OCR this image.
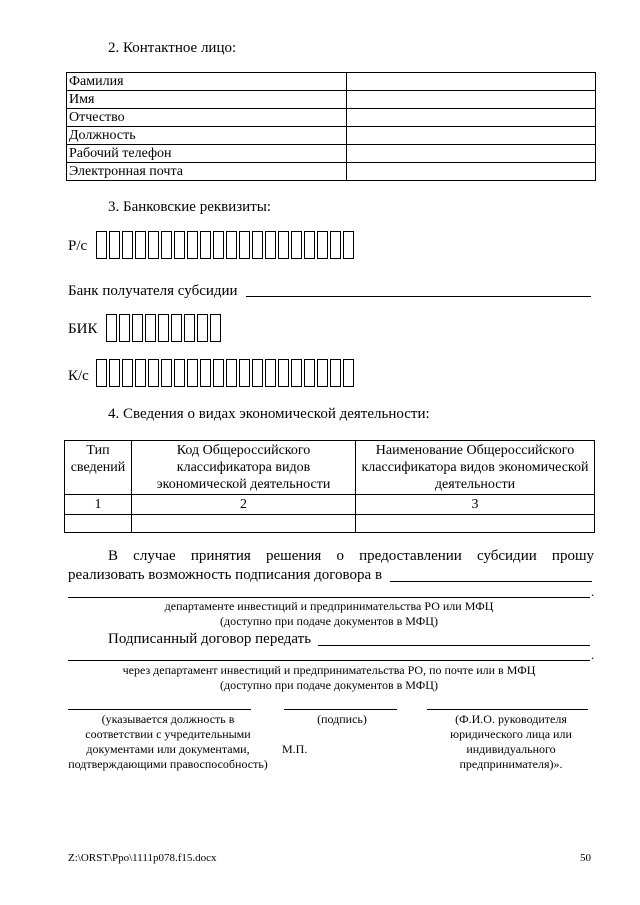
2. Контактное лицо:
Фамилия	
Имя	
Отчество	
Должность	
Рабочий телефон	
Электронная почта	
3. Банковские реквизиты:
Р/с
Банк получателя субсидии
БИК
К/с
4. Сведения о видах экономической деятельности:
Тип сведений	Код Общероссийского классификатора видов экономической деятельности	Наименование Общероссийского классификатора видов экономической деятельности
1	2	3

В случае принятия решения о предоставлении субсидии прошу
реализовать возможность подписания договора в
.
департаменте инвестиций и предпринимательства РО или МФЦ
(доступно при подаче документов в МФЦ)
Подписанный договор передать
.
через департамент инвестиций и предпринимательства РО, по почте или в МФЦ
(доступно при подаче документов в МФЦ)
(указывается должность в соответствии с учредительными документами или документами, подтверждающими правоспособность)
(подпись)
М.П.
(Ф.И.О. руководителя юридического лица или индивидуального предпринимателя)».
Z:\ORST\Ppo\1111p078.f15.docx	50
